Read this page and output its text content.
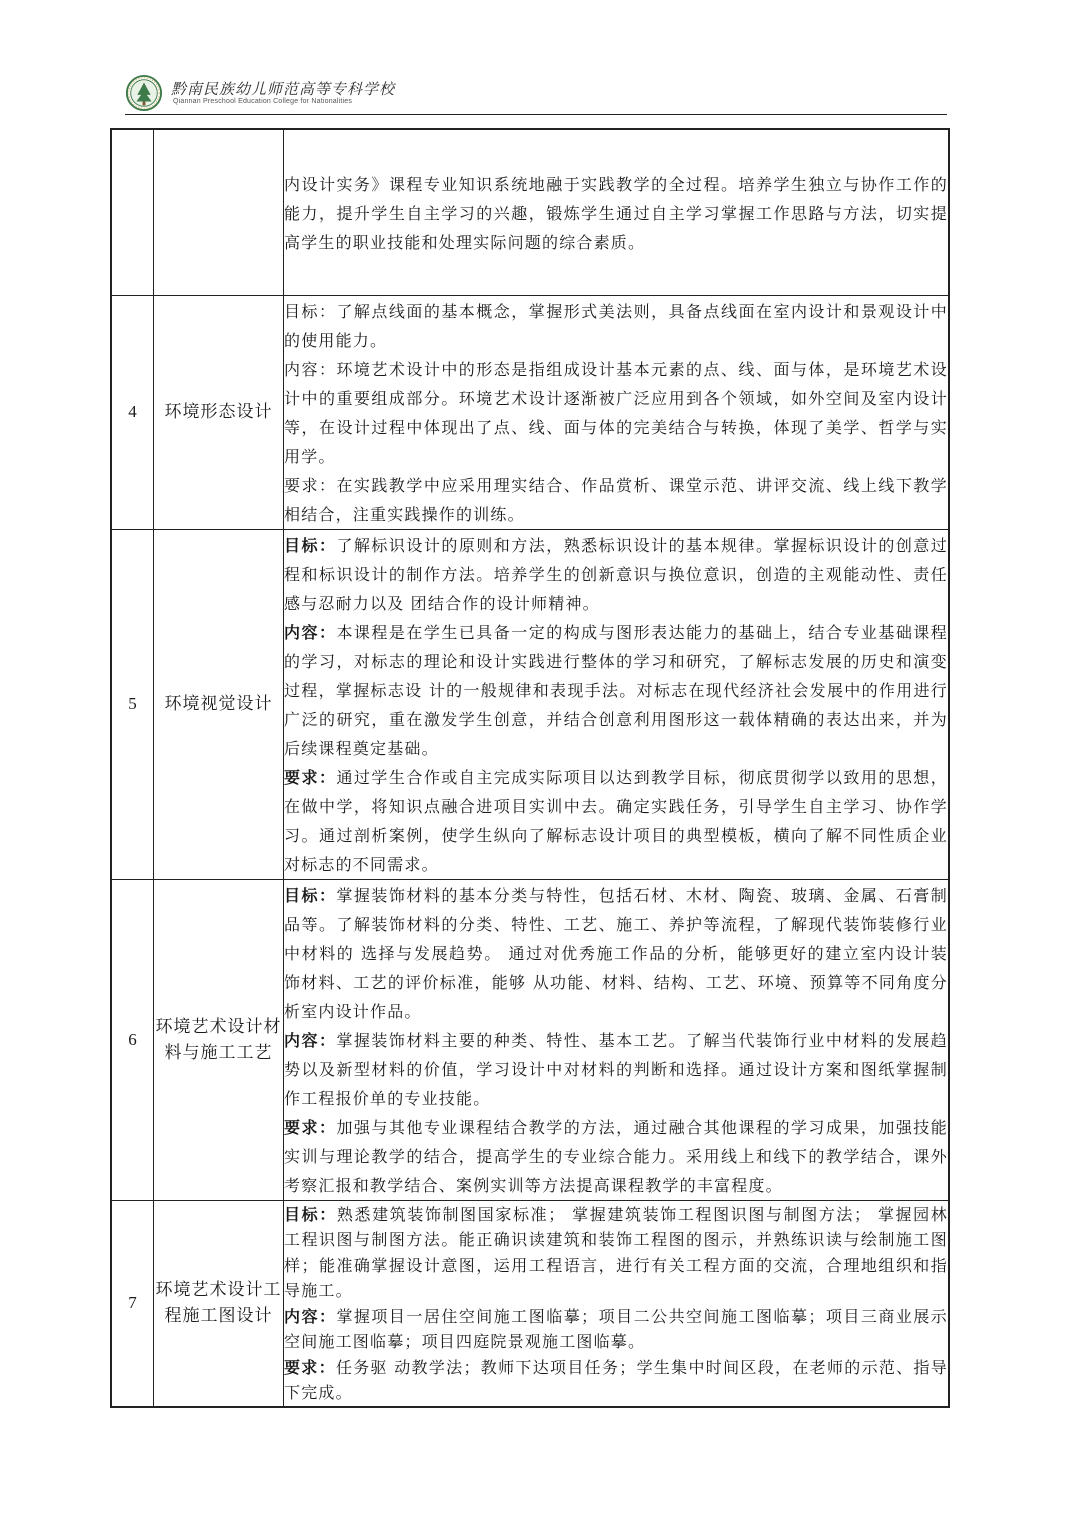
黔南民族幼儿师范高等专科学校
Qiannan Preschool Education College for Nationalities

		内设计实务》课程专业知识系统地融于实践教学的全过程。培养学生独立与协作工作的能力，提升学生自主学习的兴趣，锻炼学生通过自主学习掌握工作思路与方法，切实提高学生的职业技能和处理实际问题的综合素质。

4	环境形态设计	目标：了解点线面的基本概念，掌握形式美法则，具备点线面在室内设计和景观设计中的使用能力。

内容：环境艺术设计中的形态是指组成设计基本元素的点、线、面与体，是环境艺术设计中的重要组成部分。环境艺术设计逐渐被广泛应用到各个领域，如外空间及室内设计等，在设计过程中体现出了点、线、面与体的完美结合与转换，体现了美学、哲学与实用学。

要求：在实践教学中应采用理实结合、作品赏析、课堂示范、讲评交流、线上线下教学相结合，注重实践操作的训练。

5	环境视觉设计	目标：了解标识设计的原则和方法，熟悉标识设计的基本规律。掌握标识设计的创意过程和标识设计的制作方法。培养学生的创新意识与换位意识，创造的主观能动性、责任感与忍耐力以及 团结合作的设计师精神。

内容：本课程是在学生已具备一定的构成与图形表达能力的基础上，结合专业基础课程的学习，对标志的理论和设计实践进行整体的学习和研究，了解标志发展的历史和演变过程，掌握标志设 计的一般规律和表现手法。对标志在现代经济社会发展中的作用进行广泛的研究，重在激发学生创意，并结合创意利用图形这一载体精确的表达出来，并为后续课程奠定基础。

要求：通过学生合作或自主完成实际项目以达到教学目标，彻底贯彻学以致用的思想，在做中学，将知识点融合进项目实训中去。确定实践任务，引导学生自主学习、协作学习。通过剖析案例，使学生纵向了解标志设计项目的典型模板，横向了解不同性质企业对标志的不同需求。

6	环境艺术设计材料与施工工艺	目标：掌握装饰材料的基本分类与特性，包括石材、木材、陶瓷、玻璃、金属、石膏制品等。了解装饰材料的分类、特性、工艺、施工、养护等流程，了解现代装饰装修行业中材料的 选择与发展趋势。 通过对优秀施工作品的分析，能够更好的建立室内设计装饰材料、工艺的评价标准，能够 从功能、材料、结构、工艺、环境、预算等不同角度分析室内设计作品。

内容：掌握装饰材料主要的种类、特性、基本工艺。了解当代装饰行业中材料的发展趋势以及新型材料的价值，学习设计中对材料的判断和选择。通过设计方案和图纸掌握制作工程报价单的专业技能。

要求：加强与其他专业课程结合教学的方法，通过融合其他课程的学习成果，加强技能实训与理论教学的结合，提高学生的专业综合能力。采用线上和线下的教学结合，课外考察汇报和教学结合、案例实训等方法提高课程教学的丰富程度。

7	环境艺术设计工程施工图设计	目标：熟悉建筑装饰制图国家标准； 掌握建筑装饰工程图识图与制图方法； 掌握园林工程识图与制图方法。能正确识读建筑和装饰工程图的图示，并熟练识读与绘制施工图样；能准确掌握设计意图，运用工程语言，进行有关工程方面的交流，合理地组织和指导施工。

内容：掌握项目一居住空间施工图临摹；项目二公共空间施工图临摹；项目三商业展示空间施工图临摹；项目四庭院景观施工图临摹。

要求：任务驱 动教学法；教师下达项目任务；学生集中时间区段，在老师的示范、指导下完成。
